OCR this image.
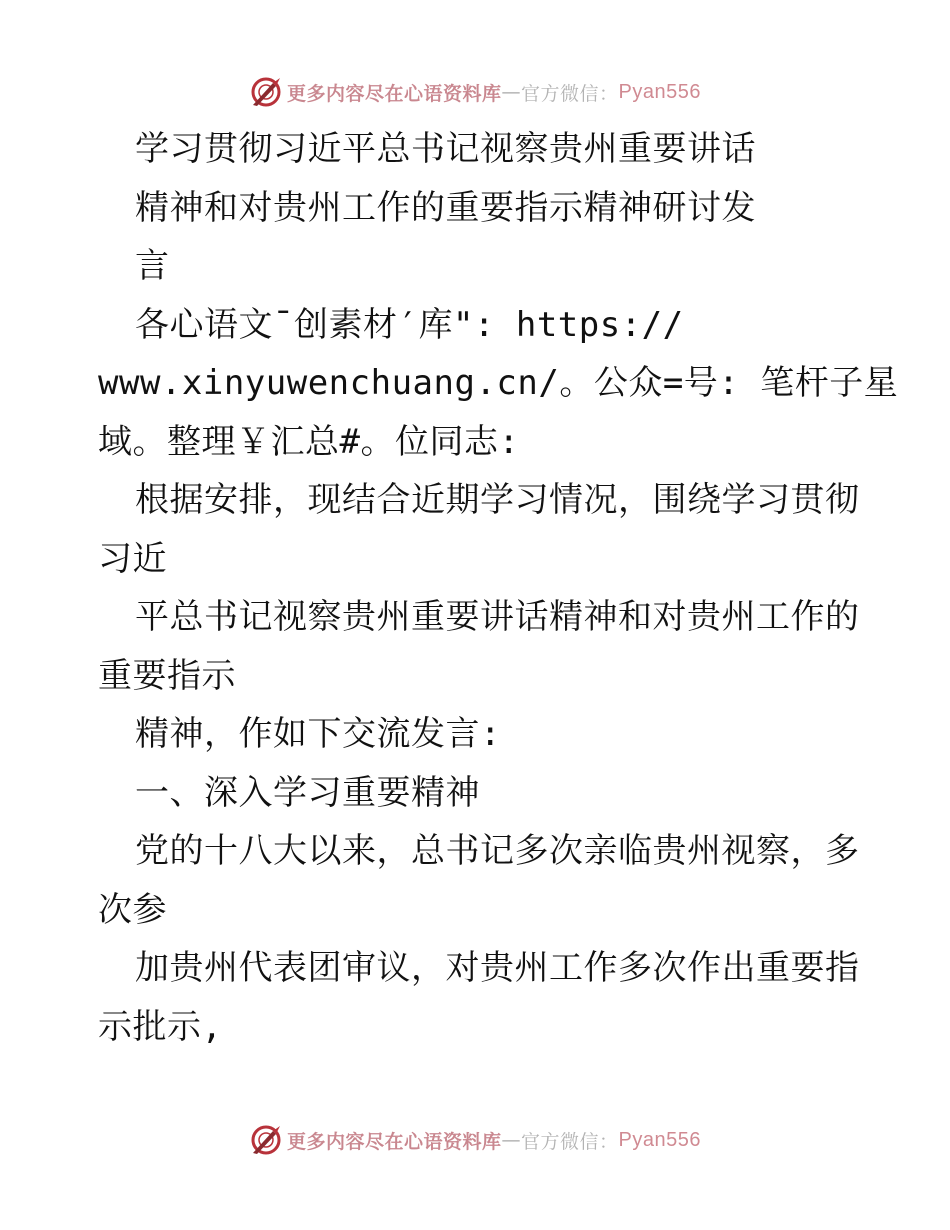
更多内容尽在心语资料库 — 官方微信： Pyan556
学习贯彻习近平总书记视察贵州重要讲话
精神和对贵州工作的重要指示精神研讨发
言
各心语文¯创素材′库": https://
www.xinyuwenchuang.cn/。公众=号: 笔杆子星
域。整理￥汇总#。位同志:
根据安排，现结合近期学习情况，围绕学习贯彻
习近
平总书记视察贵州重要讲话精神和对贵州工作的
重要指示
精神，作如下交流发言:
一、深入学习重要精神
党的十八大以来，总书记多次亲临贵州视察，多
次参
加贵州代表团审议，对贵州工作多次作出重要指
示批示,
更多内容尽在心语资料库 — 官方微信： Pyan556
